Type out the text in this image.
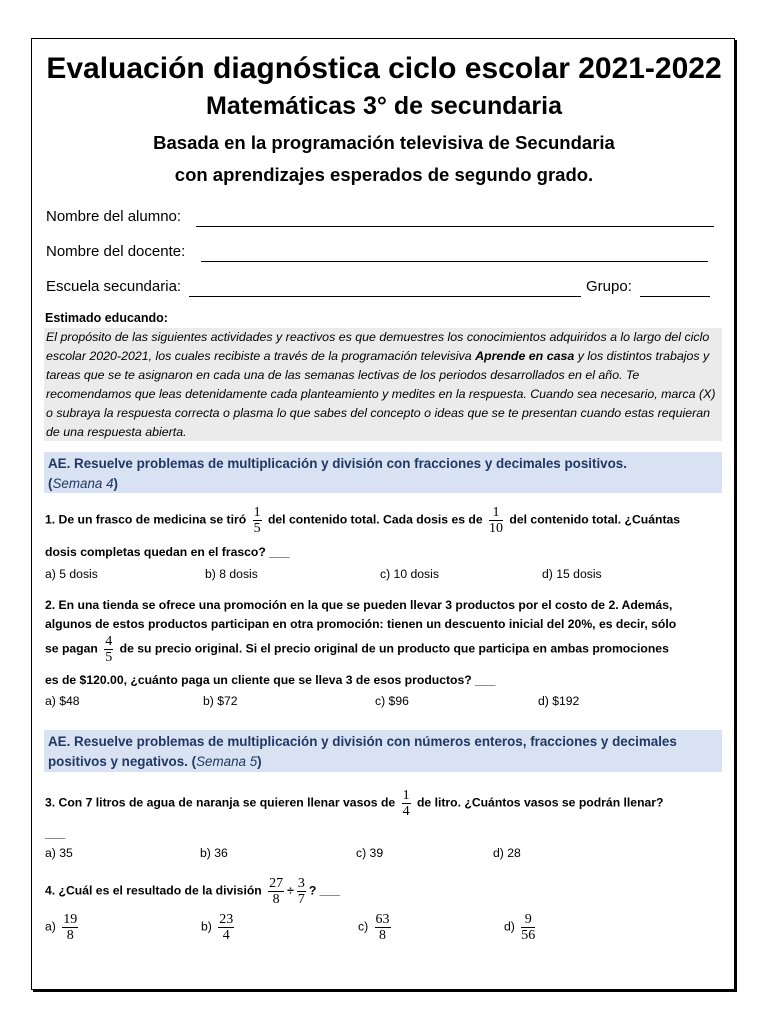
Evaluación diagnóstica ciclo escolar 2021-2022
Matemáticas 3° de secundaria
Basada en la programación televisiva de Secundaria
con aprendizajes esperados de segundo grado.
Nombre del alumno:
Nombre del docente:
Escuela secundaria:	Grupo:
Estimado educando:
El propósito de las siguientes actividades y reactivos es que demuestres los conocimientos adquiridos a lo largo del ciclo escolar 2020-2021, los cuales recibiste a través de la programación televisiva Aprende en casa y los distintos trabajos y tareas que se te asignaron en cada una de las semanas lectivas de los periodos desarrollados en el año. Te recomendamos que leas detenidamente cada planteamiento y medites en la respuesta. Cuando sea necesario, marca (X) o subraya la respuesta correcta o plasma lo que sabes del concepto o ideas que se te presentan cuando estas requieran de una respuesta abierta.
AE. Resuelve problemas de multiplicación y división con fracciones y decimales positivos.
(Semana 4)
1. De un frasco de medicina se tiró $\frac{1}{5}$ del contenido total. Cada dosis es de $\frac{1}{10}$ del contenido total. ¿Cuántas
dosis completas quedan en el frasco? ___
a) 5 dosis	b) 8 dosis	c) 10 dosis	d) 15 dosis
2. En una tienda se ofrece una promoción en la que se pueden llevar 3 productos por el costo de 2. Además,
algunos de estos productos participan en otra promoción: tienen un descuento inicial del 20%, es decir, sólo
se pagan $\frac{4}{5}$ de su precio original. Si el precio original de un producto que participa en ambas promociones
es de $120.00, ¿cuánto paga un cliente que se lleva 3 de esos productos? ___
a) $48	b) $72	c) $96	d) $192
AE. Resuelve problemas de multiplicación y división con números enteros, fracciones y decimales positivos y negativos. (Semana 5)
3. Con 7 litros de agua de naranja se quieren llenar vasos de $\frac{1}{4}$ de litro. ¿Cuántos vasos se podrán llenar?
___
a) 35	b) 36	c) 39	d) 28
4. ¿Cuál es el resultado de la división $\frac{27}{8} \div \frac{3}{7}$ ? ___
$a) \frac{19}{8}$	$b) \frac{23}{4}$	$c) \frac{63}{8}$	$d) \frac{9}{56}$
